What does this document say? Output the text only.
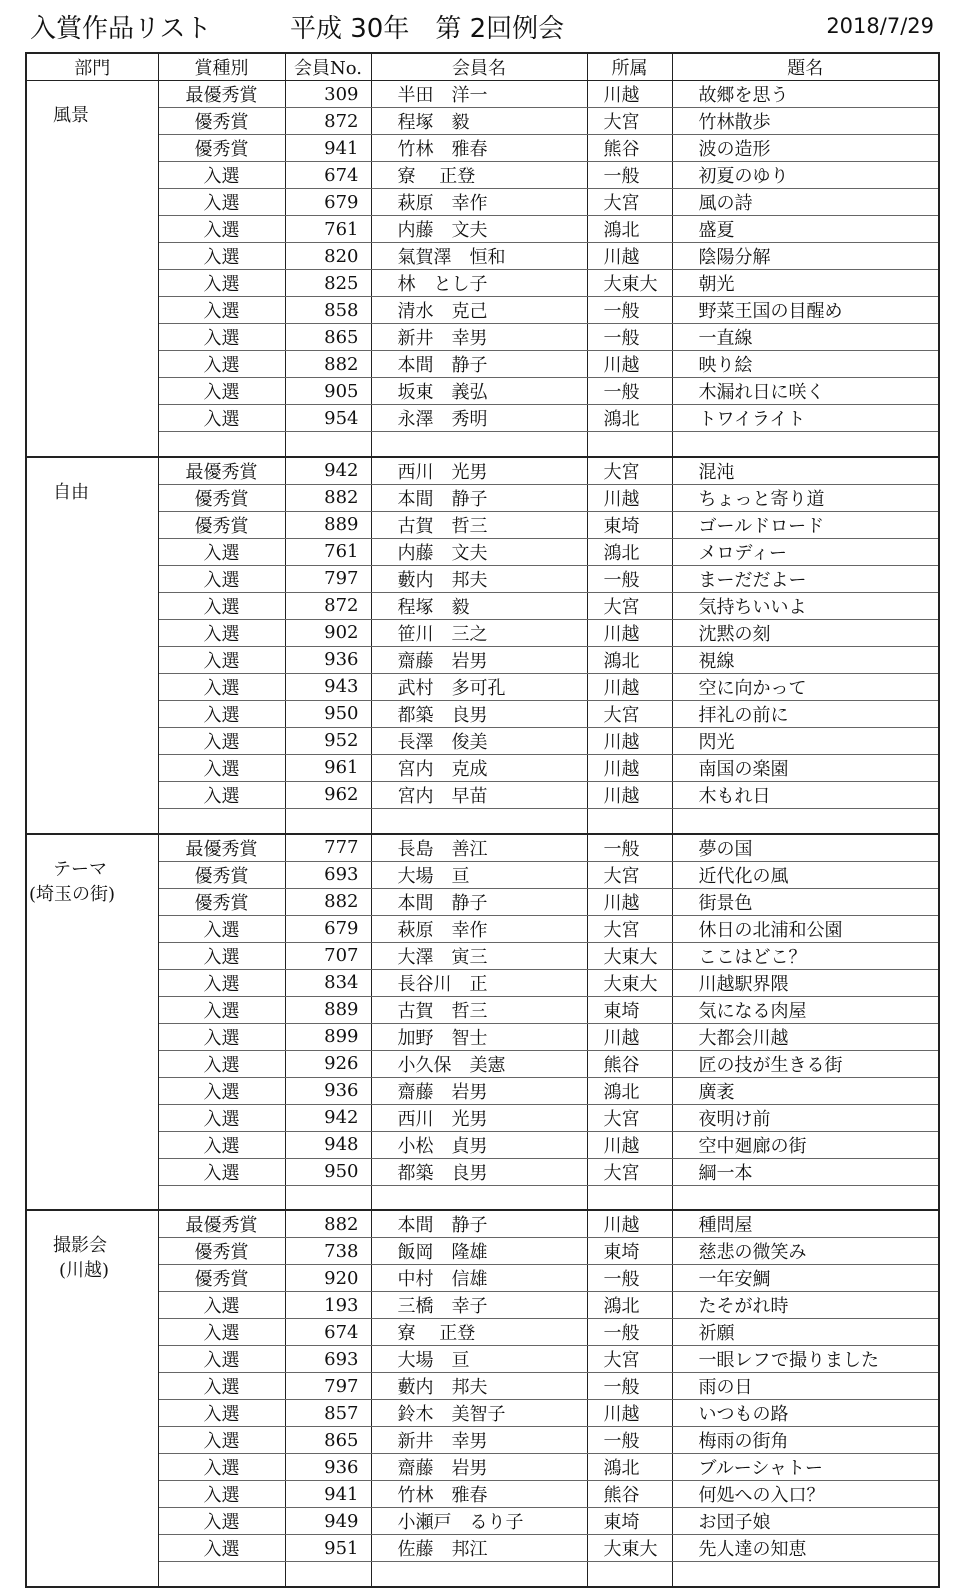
入賞作品リスト	平成 30年　第 2回例会	2018/7/29
部門	賞種別	会員No.	会員名	所属	題名

風景	最優秀賞	309	半田　洋一	川越	故郷を思う
	優秀賞	872	程塚　毅	大宮	竹林散歩
	優秀賞	941	竹林　雅春	熊谷	波の造形
	入選	674	寮　 正登	一般	初夏のゆり
	入選	679	萩原　幸作	大宮	風の詩
	入選	761	内藤　文夫	鴻北	盛夏
	入選	820	氣賀澤　恒和	川越	陰陽分解
	入選	825	林　とし子	大東大	朝光
	入選	858	清水　克己	一般	野菜王国の目醒め
	入選	865	新井　幸男	一般	一直線
	入選	882	本間　静子	川越	映り絵
	入選	905	坂東　義弘	一般	木漏れ日に咲く
	入選	954	永澤　秀明	鴻北	トワイライト

自由	最優秀賞	942	西川　光男	大宮	混沌
	優秀賞	882	本間　静子	川越	ちょっと寄り道
	優秀賞	889	古賀　哲三	東埼	ゴールドロード
	入選	761	内藤　文夫	鴻北	メロディー
	入選	797	藪内　邦夫	一般	まーだだよー
	入選	872	程塚　毅	大宮	気持ちいいよ
	入選	902	笹川　三之	川越	沈黙の刻
	入選	936	齋藤　岩男	鴻北	視線
	入選	943	武村　多可孔	川越	空に向かって
	入選	950	都築　良男	大宮	拝礼の前に
	入選	952	長澤　俊美	川越	閃光
	入選	961	宮内　克成	川越	南国の楽園
	入選	962	宮内　早苗	川越	木もれ日

テーマ
(埼玉の街)	最優秀賞	777	長島　善江	一般	夢の国
	優秀賞	693	大場　亘	大宮	近代化の風
	優秀賞	882	本間　静子	川越	街景色
	入選	679	萩原　幸作	大宮	休日の北浦和公園
	入選	707	大澤　寅三	大東大	ここはどこ？
	入選	834	長谷川　正	大東大	川越駅界隈
	入選	889	古賀　哲三	東埼	気になる肉屋
	入選	899	加野　智士	川越	大都会川越
	入選	926	小久保　美憲	熊谷	匠の技が生きる街
	入選	936	齋藤　岩男	鴻北	廣袤
	入選	942	西川　光男	大宮	夜明け前
	入選	948	小松　貞男	川越	空中廻廊の街
	入選	950	都築　良男	大宮	綱一本

撮影会
(川越)	最優秀賞	882	本間　静子	川越	種問屋
	優秀賞	738	飯岡　隆雄	東埼	慈悲の微笑み
	優秀賞	920	中村　信雄	一般	一年安鯛
	入選	193	三橋　幸子	鴻北	たそがれ時
	入選	674	寮　 正登	一般	祈願
	入選	693	大場　亘	大宮	一眼レフで撮りました
	入選	797	藪内　邦夫	一般	雨の日
	入選	857	鈴木　美智子	川越	いつもの路
	入選	865	新井　幸男	一般	梅雨の街角
	入選	936	齋藤　岩男	鴻北	ブルーシャトー
	入選	941	竹林　雅春	熊谷	何処への入口？
	入選	949	小瀬戸　るり子	東埼	お団子娘
	入選	951	佐藤　邦江	大東大	先人達の知恵
